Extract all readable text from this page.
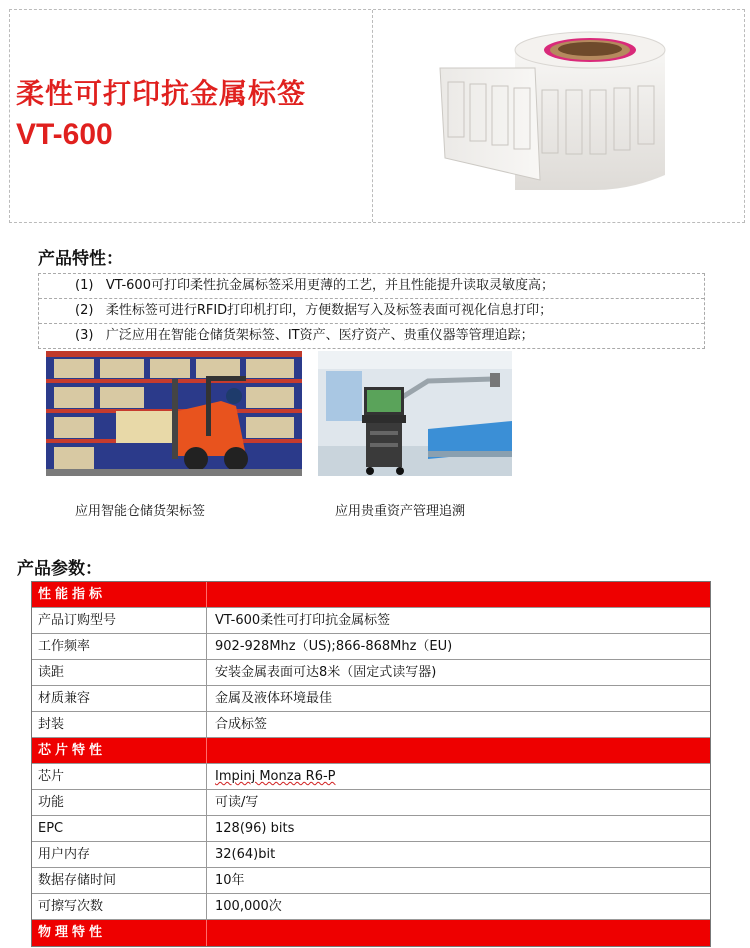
柔性可打印抗金属标签
VT-600
产品特性：
(1) VT-600可打印柔性抗金属标签采用更薄的工艺，并且性能提升读取灵敏度高；
(2) 柔性标签可进行RFID打印机打印，方便数据写入及标签表面可视化信息打印；
(3) 广泛应用在智能仓储货架标签、IT资产、医疗资产、贵重仪器等管理追踪；
应用智能仓储货架标签	应用贵重资产管理追溯
产品参数：
性能指标
产品订购型号	VT-600柔性可打印抗金属标签
工作频率	902-928Mhz（US);866-868Mhz（EU)
读距	安装金属表面可达8米（固定式读写器)
材质兼容	金属及液体环境最佳
封装	合成标签
芯片特性
芯片	Impinj Monza R6-P
功能	可读/写
EPC	128(96) bits
用户内存	32(64)bit
数据存储时间	10年
可擦写次数	100,000次
物理特性
